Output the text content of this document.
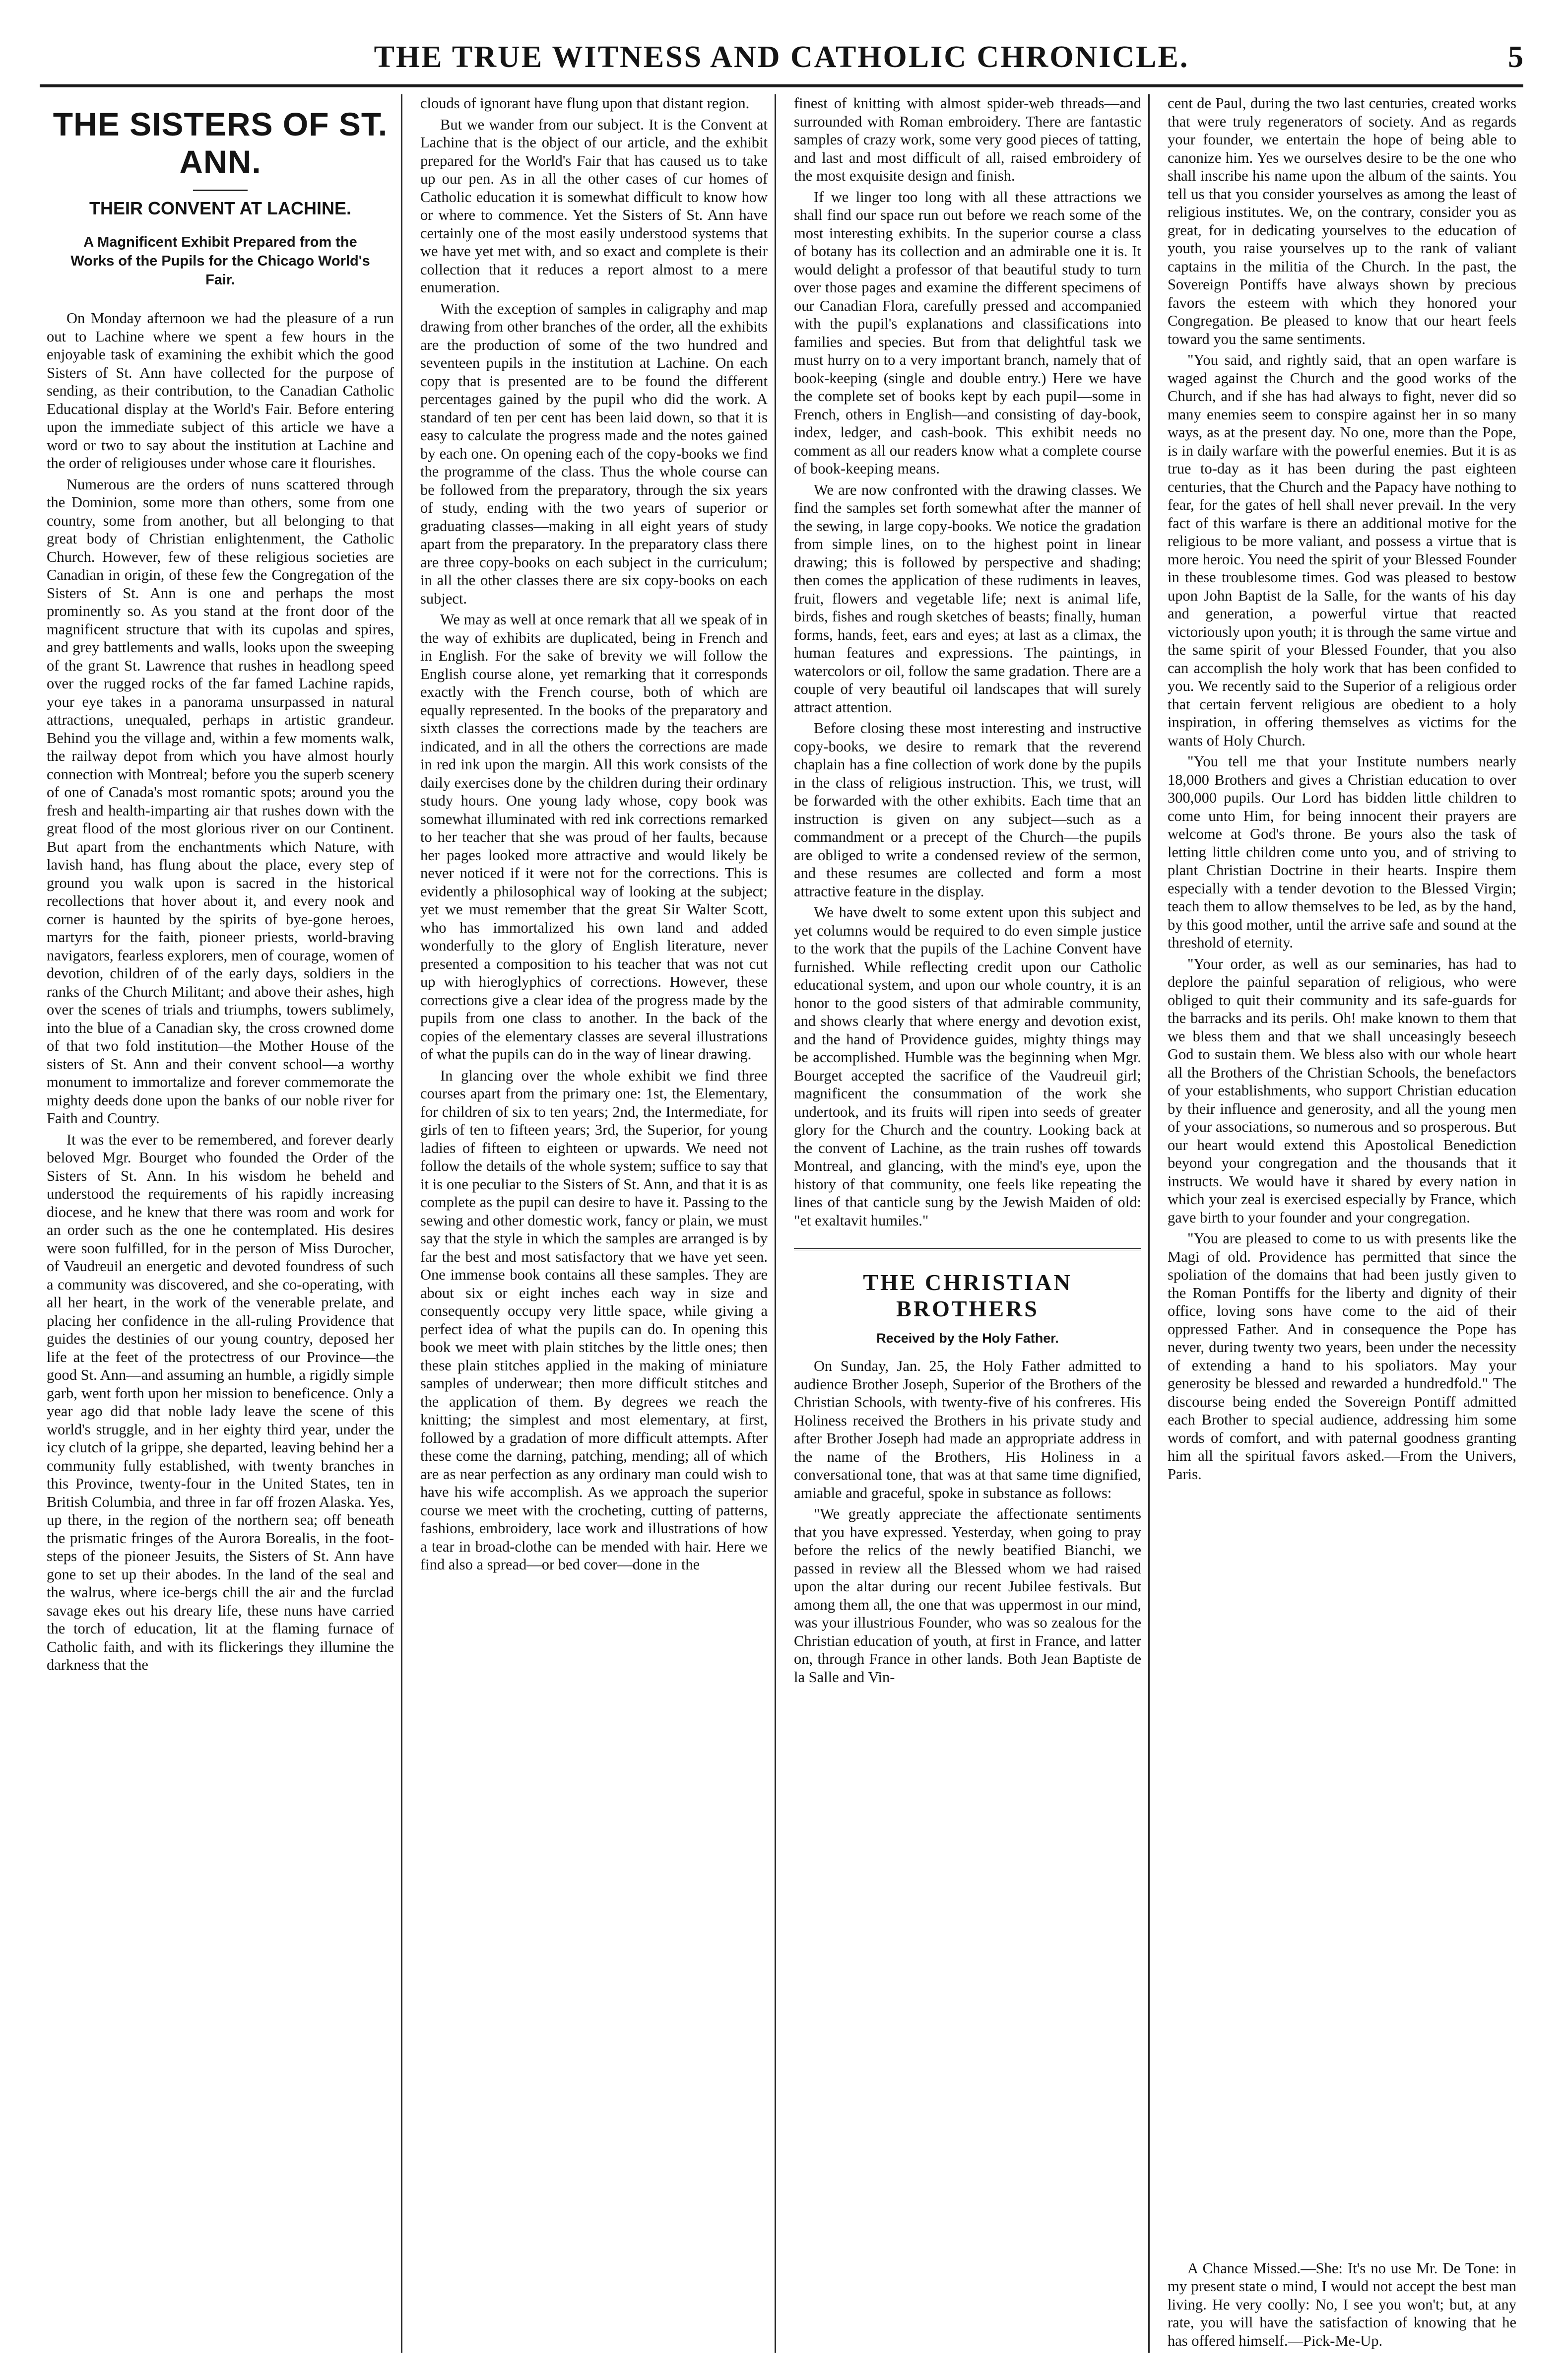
THE TRUE WITNESS AND CATHOLIC CHRONICLE.	5
THE SISTERS OF ST. ANN.
THEIR CONVENT AT LACHINE.
A Magnificent Exhibit Prepared from the Works of the Pupils for the Chicago World's Fair.

On Monday afternoon we had the pleasure of a run out to Lachine where we spent a few hours in the enjoyable task of examining the exhibit which the good Sisters of St. Ann have collected for the purpose of sending, as their contribution, to the Canadian Catholic Educational display at the World's Fair. Before entering upon the immediate subject of this article we have a word or two to say about the institution at Lachine and the order of religiouses under whose care it flourishes.

Numerous are the orders of nuns scattered through the Dominion, some more than others, some from one country, some from another, but all belonging to that great body of Christian enlightenment, the Catholic Church. However, few of these religious societies are Canadian in origin, of these few the Congregation of the Sisters of St. Ann is one and perhaps the most prominently so. As you stand at the front door of the magnificent structure that with its cupolas and spires, and grey battlements and walls, looks upon the sweeping of the grant St. Lawrence that rushes in headlong speed over the rugged rocks of the far famed Lachine rapids, your eye takes in a panorama unsurpassed in natural attractions, unequaled, perhaps in artistic grandeur. Behind you the village and, within a few moments walk, the railway depot from which you have almost hourly connection with Montreal; before you the superb scenery of one of Canada's most romantic spots; around you the fresh and health-imparting air that rushes down with the great flood of the most glorious river on our Continent. But apart from the enchantments which Nature, with lavish hand, has flung about the place, every step of ground you walk upon is sacred in the historical recollections that hover about it, and every nook and corner is haunted by the spirits of bye-gone heroes, martyrs for the faith, pioneer priests, world-braving navigators, fearless explorers, men of courage, women of devotion, children of of the early days, soldiers in the ranks of the Church Militant; and above their ashes, high over the scenes of trials and triumphs, towers sublimely, into the blue of a Canadian sky, the cross crowned dome of that two fold institution—the Mother House of the sisters of St. Ann and their convent school—a worthy monument to immortalize and forever commemorate the mighty deeds done upon the banks of our noble river for Faith and Country.

It was the ever to be remembered, and forever dearly beloved Mgr. Bourget who founded the Order of the Sisters of St. Ann. In his wisdom he beheld and understood the requirements of his rapidly increasing diocese, and he knew that there was room and work for an order such as the one he contemplated. His desires were soon fulfilled, for in the person of Miss Durocher, of Vaudreuil an energetic and devoted foundress of such a community was discovered, and she co-operating, with all her heart, in the work of the venerable prelate, and placing her confidence in the all-ruling Providence that guides the destinies of our young country, deposed her life at the feet of the protectress of our Province—the good St. Ann—and assuming an humble, a rigidly simple garb, went forth upon her mission to beneficence. Only a year ago did that noble lady leave the scene of this world's struggle, and in her eighty third year, under the icy clutch of la grippe, she departed, leaving behind her a community fully established, with twenty branches in this Province, twenty-four in the United States, ten in British Columbia, and three in far off frozen Alaska. Yes, up there, in the region of the northern sea; off beneath the prismatic fringes of the Aurora Borealis, in the foot-steps of the pioneer Jesuits, the Sisters of St. Ann have gone to set up their abodes. In the land of the seal and the walrus, where ice-bergs chill the air and the furclad savage ekes out his dreary life, these nuns have carried the torch of education, lit at the flaming furnace of Catholic faith, and with its flickerings they illumine the darkness that the

clouds of ignorant have flung upon that distant region.

But we wander from our subject. It is the Convent at Lachine that is the object of our article, and the exhibit prepared for the World's Fair that has caused us to take up our pen. As in all the other cases of cur homes of Catholic education it is somewhat difficult to know how or where to commence. Yet the Sisters of St. Ann have certainly one of the most easily understood systems that we have yet met with, and so exact and complete is their collection that it reduces a report almost to a mere enumeration.

With the exception of samples in caligraphy and map drawing from other branches of the order, all the exhibits are the production of some of the two hundred and seventeen pupils in the institution at Lachine. On each copy that is presented are to be found the different percentages gained by the pupil who did the work. A standard of ten per cent has been laid down, so that it is easy to calculate the progress made and the notes gained by each one. On opening each of the copy-books we find the programme of the class. Thus the whole course can be followed from the preparatory, through the six years of study, ending with the two years of superior or graduating classes—making in all eight years of study apart from the preparatory. In the preparatory class there are three copy-books on each subject in the curriculum; in all the other classes there are six copy-books on each subject.

We may as well at once remark that all we speak of in the way of exhibits are duplicated, being in French and in English. For the sake of brevity we will follow the English course alone, yet remarking that it corresponds exactly with the French course, both of which are equally represented. In the books of the preparatory and sixth classes the corrections made by the teachers are indicated, and in all the others the corrections are made in red ink upon the margin. All this work consists of the daily exercises done by the children during their ordinary study hours. One young lady whose, copy book was somewhat illuminated with red ink corrections remarked to her teacher that she was proud of her faults, because her pages looked more attractive and would likely be never noticed if it were not for the corrections. This is evidently a philosophical way of looking at the subject; yet we must remember that the great Sir Walter Scott, who has immortalized his own land and added wonderfully to the glory of English literature, never presented a composition to his teacher that was not cut up with hieroglyphics of corrections. However, these corrections give a clear idea of the progress made by the pupils from one class to another. In the back of the copies of the elementary classes are several illustrations of what the pupils can do in the way of linear drawing.

In glancing over the whole exhibit we find three courses apart from the primary one: 1st, the Elementary, for children of six to ten years; 2nd, the Intermediate, for girls of ten to fifteen years; 3rd, the Superior, for young ladies of fifteen to eighteen or upwards. We need not follow the details of the whole system; suffice to say that it is one peculiar to the Sisters of St. Ann, and that it is as complete as the pupil can desire to have it. Passing to the sewing and other domestic work, fancy or plain, we must say that the style in which the samples are arranged is by far the best and most satisfactory that we have yet seen. One immense book contains all these samples. They are about six or eight inches each way in size and consequently occupy very little space, while giving a perfect idea of what the pupils can do. In opening this book we meet with plain stitches by the little ones; then these plain stitches applied in the making of miniature samples of underwear; then more difficult stitches and the application of them. By degrees we reach the knitting; the simplest and most elementary, at first, followed by a gradation of more difficult attempts. After these come the darning, patching, mending; all of which are as near perfection as any ordinary man could wish to have his wife accomplish. As we approach the superior course we meet with the crocheting, cutting of patterns, fashions, embroidery, lace work and illustrations of how a tear in broad-clothe can be mended with hair. Here we find also a spread—or bed cover—done in the

finest of knitting with almost spider-web threads—and surrounded with Roman embroidery. There are fantastic samples of crazy work, some very good pieces of tatting, and last and most difficult of all, raised embroidery of the most exquisite design and finish.

If we linger too long with all these attractions we shall find our space run out before we reach some of the most interesting exhibits. In the superior course a class of botany has its collection and an admirable one it is. It would delight a professor of that beautiful study to turn over those pages and examine the different specimens of our Canadian Flora, carefully pressed and accompanied with the pupil's explanations and classifications into families and species. But from that delightful task we must hurry on to a very important branch, namely that of book-keeping (single and double entry.) Here we have the complete set of books kept by each pupil—some in French, others in English—and consisting of day-book, index, ledger, and cash-book. This exhibit needs no comment as all our readers know what a complete course of book-keeping means.

We are now confronted with the drawing classes. We find the samples set forth somewhat after the manner of the sewing, in large copy-books. We notice the gradation from simple lines, on to the highest point in linear drawing; this is followed by perspective and shading; then comes the application of these rudiments in leaves, fruit, flowers and vegetable life; next is animal life, birds, fishes and rough sketches of beasts; finally, human forms, hands, feet, ears and eyes; at last as a climax, the human features and expressions. The paintings, in watercolors or oil, follow the same gradation. There are a couple of very beautiful oil landscapes that will surely attract attention.

Before closing these most interesting and instructive copy-books, we desire to remark that the reverend chaplain has a fine collection of work done by the pupils in the class of religious instruction. This, we trust, will be forwarded with the other exhibits. Each time that an instruction is given on any subject—such as a commandment or a precept of the Church—the pupils are obliged to write a condensed review of the sermon, and these resumes are collected and form a most attractive feature in the display.

We have dwelt to some extent upon this subject and yet columns would be required to do even simple justice to the work that the pupils of the Lachine Convent have furnished. While reflecting credit upon our Catholic educational system, and upon our whole country, it is an honor to the good sisters of that admirable community, and shows clearly that where energy and devotion exist, and the hand of Providence guides, mighty things may be accomplished. Humble was the beginning when Mgr. Bourget accepted the sacrifice of the Vaudreuil girl; magnificent the consummation of the work she undertook, and its fruits will ripen into seeds of greater glory for the Church and the country. Looking back at the convent of Lachine, as the train rushes off towards Montreal, and glancing, with the mind's eye, upon the history of that community, one feels like repeating the lines of that canticle sung by the Jewish Maiden of old: "et exaltavit humiles."

THE CHRISTIAN BROTHERS
Received by the Holy Father.

On Sunday, Jan. 25, the Holy Father admitted to audience Brother Joseph, Superior of the Brothers of the Christian Schools, with twenty-five of his confreres. His Holiness received the Brothers in his private study and after Brother Joseph had made an appropriate address in the name of the Brothers, His Holiness in a conversational tone, that was at that same time dignified, amiable and graceful, spoke in substance as follows:

"We greatly appreciate the affectionate sentiments that you have expressed. Yesterday, when going to pray before the relics of the newly beatified Bianchi, we passed in review all the Blessed whom we had raised upon the altar during our recent Jubilee festivals. But among them all, the one that was uppermost in our mind, was your illustrious Founder, who was so zealous for the Christian education of youth, at first in France, and latter on, through France in other lands. Both Jean Baptiste de la Salle and Vin-

cent de Paul, during the two last centuries, created works that were truly regenerators of society. And as regards your founder, we entertain the hope of being able to canonize him. Yes we ourselves desire to be the one who shall inscribe his name upon the album of the saints. You tell us that you consider yourselves as among the least of religious institutes. We, on the contrary, consider you as great, for in dedicating yourselves to the education of youth, you raise yourselves up to the rank of valiant captains in the militia of the Church. In the past, the Sovereign Pontiffs have always shown by precious favors the esteem with which they honored your Congregation. Be pleased to know that our heart feels toward you the same sentiments.

"You said, and rightly said, that an open warfare is waged against the Church and the good works of the Church, and if she has had always to fight, never did so many enemies seem to conspire against her in so many ways, as at the present day. No one, more than the Pope, is in daily warfare with the powerful enemies. But it is as true to-day as it has been during the past eighteen centuries, that the Church and the Papacy have nothing to fear, for the gates of hell shall never prevail. In the very fact of this warfare is there an additional motive for the religious to be more valiant, and possess a virtue that is more heroic. You need the spirit of your Blessed Founder in these troublesome times. God was pleased to bestow upon John Baptist de la Salle, for the wants of his day and generation, a powerful virtue that reacted victoriously upon youth; it is through the same virtue and the same spirit of your Blessed Founder, that you also can accomplish the holy work that has been confided to you. We recently said to the Superior of a religious order that certain fervent religious are obedient to a holy inspiration, in offering themselves as victims for the wants of Holy Church.

"You tell me that your Institute numbers nearly 18,000 Brothers and gives a Christian education to over 300,000 pupils. Our Lord has bidden little children to come unto Him, for being innocent their prayers are welcome at God's throne. Be yours also the task of letting little children come unto you, and of striving to plant Christian Doctrine in their hearts. Inspire them especially with a tender devotion to the Blessed Virgin; teach them to allow themselves to be led, as by the hand, by this good mother, until the arrive safe and sound at the threshold of eternity.

"Your order, as well as our seminaries, has had to deplore the painful separation of religious, who were obliged to quit their community and its safe-guards for the barracks and its perils. Oh! make known to them that we bless them and that we shall unceasingly beseech God to sustain them. We bless also with our whole heart all the Brothers of the Christian Schools, the benefactors of your establishments, who support Christian education by their influence and generosity, and all the young men of your associations, so numerous and so prosperous. But our heart would extend this Apostolical Benediction beyond your congregation and the thousands that it instructs. We would have it shared by every nation in which your zeal is exercised especially by France, which gave birth to your founder and your congregation.

"You are pleased to come to us with presents like the Magi of old. Providence has permitted that since the spoliation of the domains that had been justly given to the Roman Pontiffs for the liberty and dignity of their office, loving sons have come to the aid of their oppressed Father. And in consequence the Pope has never, during twenty two years, been under the necessity of extending a hand to his spoliators. May your generosity be blessed and rewarded a hundredfold." The discourse being ended the Sovereign Pontiff admitted each Brother to special audience, addressing him some words of comfort, and with paternal goodness granting him all the spiritual favors asked.—From the Univers, Paris.

A Chance Missed.—She: It's no use Mr. De Tone: in my present state o mind, I would not accept the best man living. He very coolly: No, I see you won't; but, at any rate, you will have the satisfaction of knowing that he has offered himself.—Pick-Me-Up.
